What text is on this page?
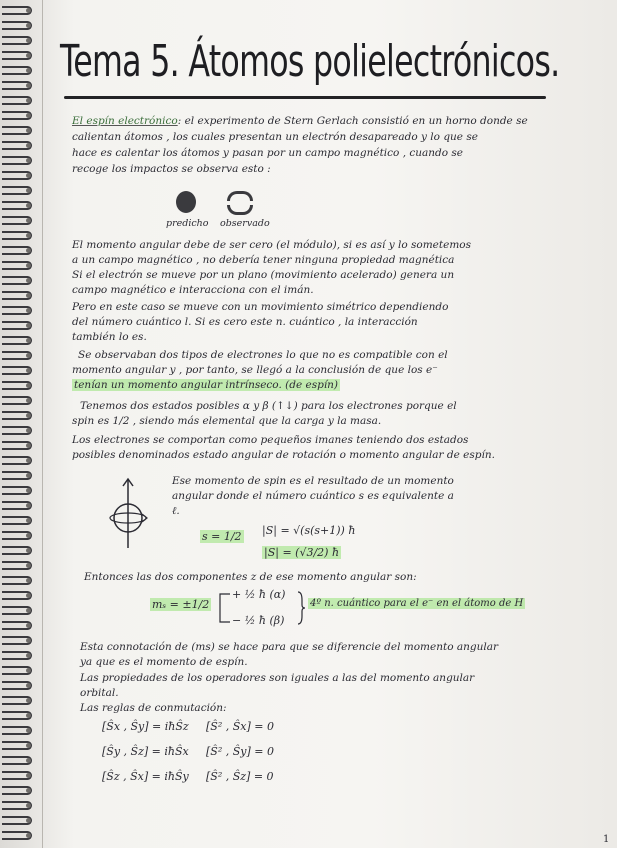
Tema 5. Átomos polielectrónicos.
El espín electrónico: el experimento de Stern Gerlach consistió en un horno donde se
calientan átomos , los cuales presentan un electrón desapareado y lo que se
hace es calentar los átomos y pasan por un campo magnético , cuando se
recoge los impactos se observa esto :
predicho observado
El momento angular debe de ser cero (el módulo), si es así y lo sometemos
a un campo magnético , no debería tener ninguna propiedad magnética
Si el electrón se mueve por un plano (movimiento acelerado) genera un
campo magnético e interacciona con el imán.
Pero en este caso se mueve con un movimiento simétrico dependiendo
del número cuántico l. Si es cero este n. cuántico , la interacción
también lo es.
Se observaban dos tipos de electrones lo que no es compatible con el
momento angular y , por tanto, se llegó a la conclusión de que los e⁻
tenían un momento angular intrínseco. (de espín)
Tenemos dos estados posibles α y β (↑↓) para los electrones porque el
spin es 1/2 , siendo más elemental que la carga y la masa.
Los electrones se comportan como pequeños imanes teniendo dos estados
posibles denominados estado angular de rotación o momento angular de espín.
Ese momento de spin es el resultado de un momento
angular donde el número cuántico s es equivalente a
ℓ.
s = 1/2 |S| = √(s(s+1)) ħ
|S| = (√3/2) ħ
Entonces las dos componentes z de ese momento angular son:
mₛ = ±1/2
+ ½ ħ (α)
− ½ ħ (β)
4º n. cuántico para el e⁻ en el átomo de H
Esta connotación de (ms) se hace para que se diferencie del momento angular
ya que es el momento de espín.
Las propiedades de los operadores son iguales a las del momento angular
orbital.
Las reglas de conmutación:
[Ŝx , Ŝy] = iħŜz [Ŝ² , Ŝx] = 0
[Ŝy , Ŝz] = iħŜx [Ŝ² , Ŝy] = 0
[Ŝz , Ŝx] = iħŜy [Ŝ² , Ŝz] = 0
1
